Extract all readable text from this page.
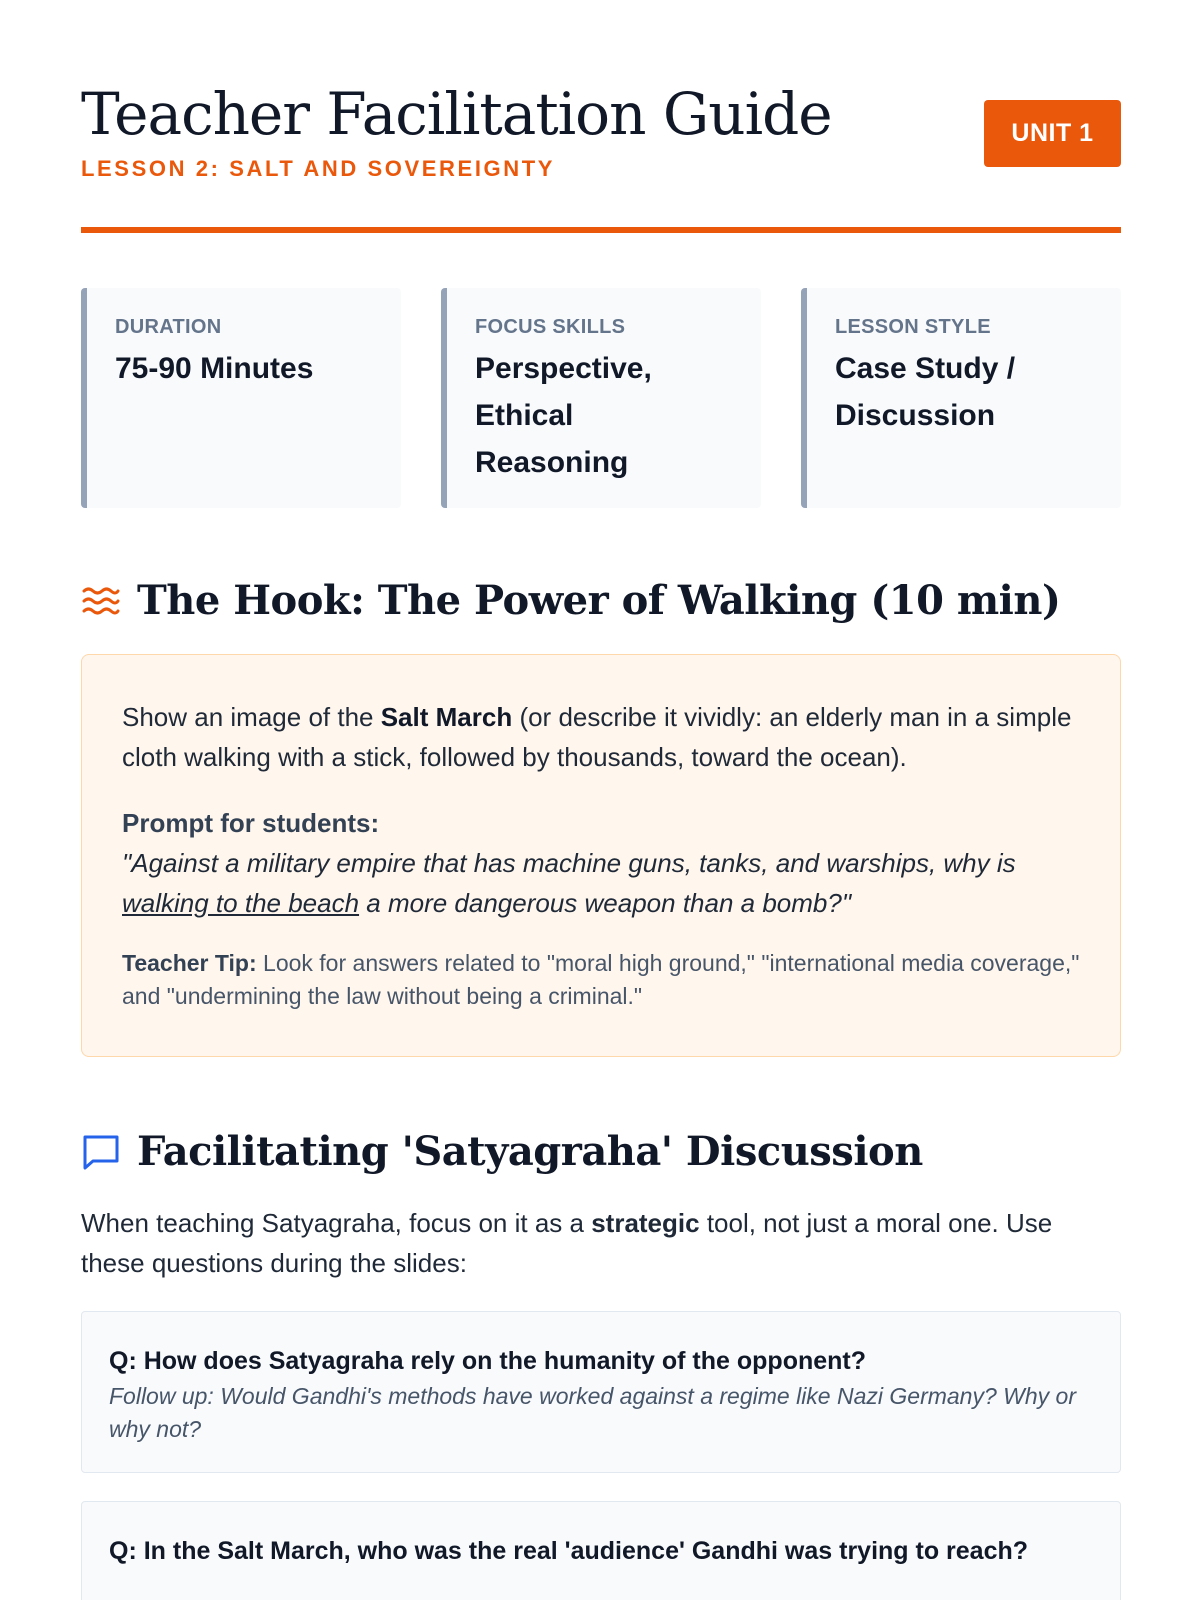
Teacher Facilitation Guide
LESSON 2: SALT AND SOVEREIGNTY
UNIT 1
DURATION
75-90 Minutes
FOCUS SKILLS
Perspective,
Ethical
Reasoning
LESSON STYLE
Case Study /
Discussion
The Hook: The Power of Walking (10 min)

Show an image of the Salt March (or describe it vividly: an elderly man in a simple cloth walking with a stick, followed by thousands, toward the ocean).

Prompt for students:

"Against a military empire that has machine guns, tanks, and warships, why is walking to the beach a more dangerous weapon than a bomb?"

Teacher Tip: Look for answers related to "moral high ground," "international media coverage," and "undermining the law without being a criminal."

Facilitating 'Satyagraha' Discussion

When teaching Satyagraha, focus on it as a strategic tool, not just a moral one. Use these questions during the slides:

Q: How does Satyagraha rely on the humanity of the opponent?
Follow up: Would Gandhi's methods have worked against a regime like Nazi Germany? Why or why not?
Q: In the Salt March, who was the real 'audience' Gandhi was trying to reach?
